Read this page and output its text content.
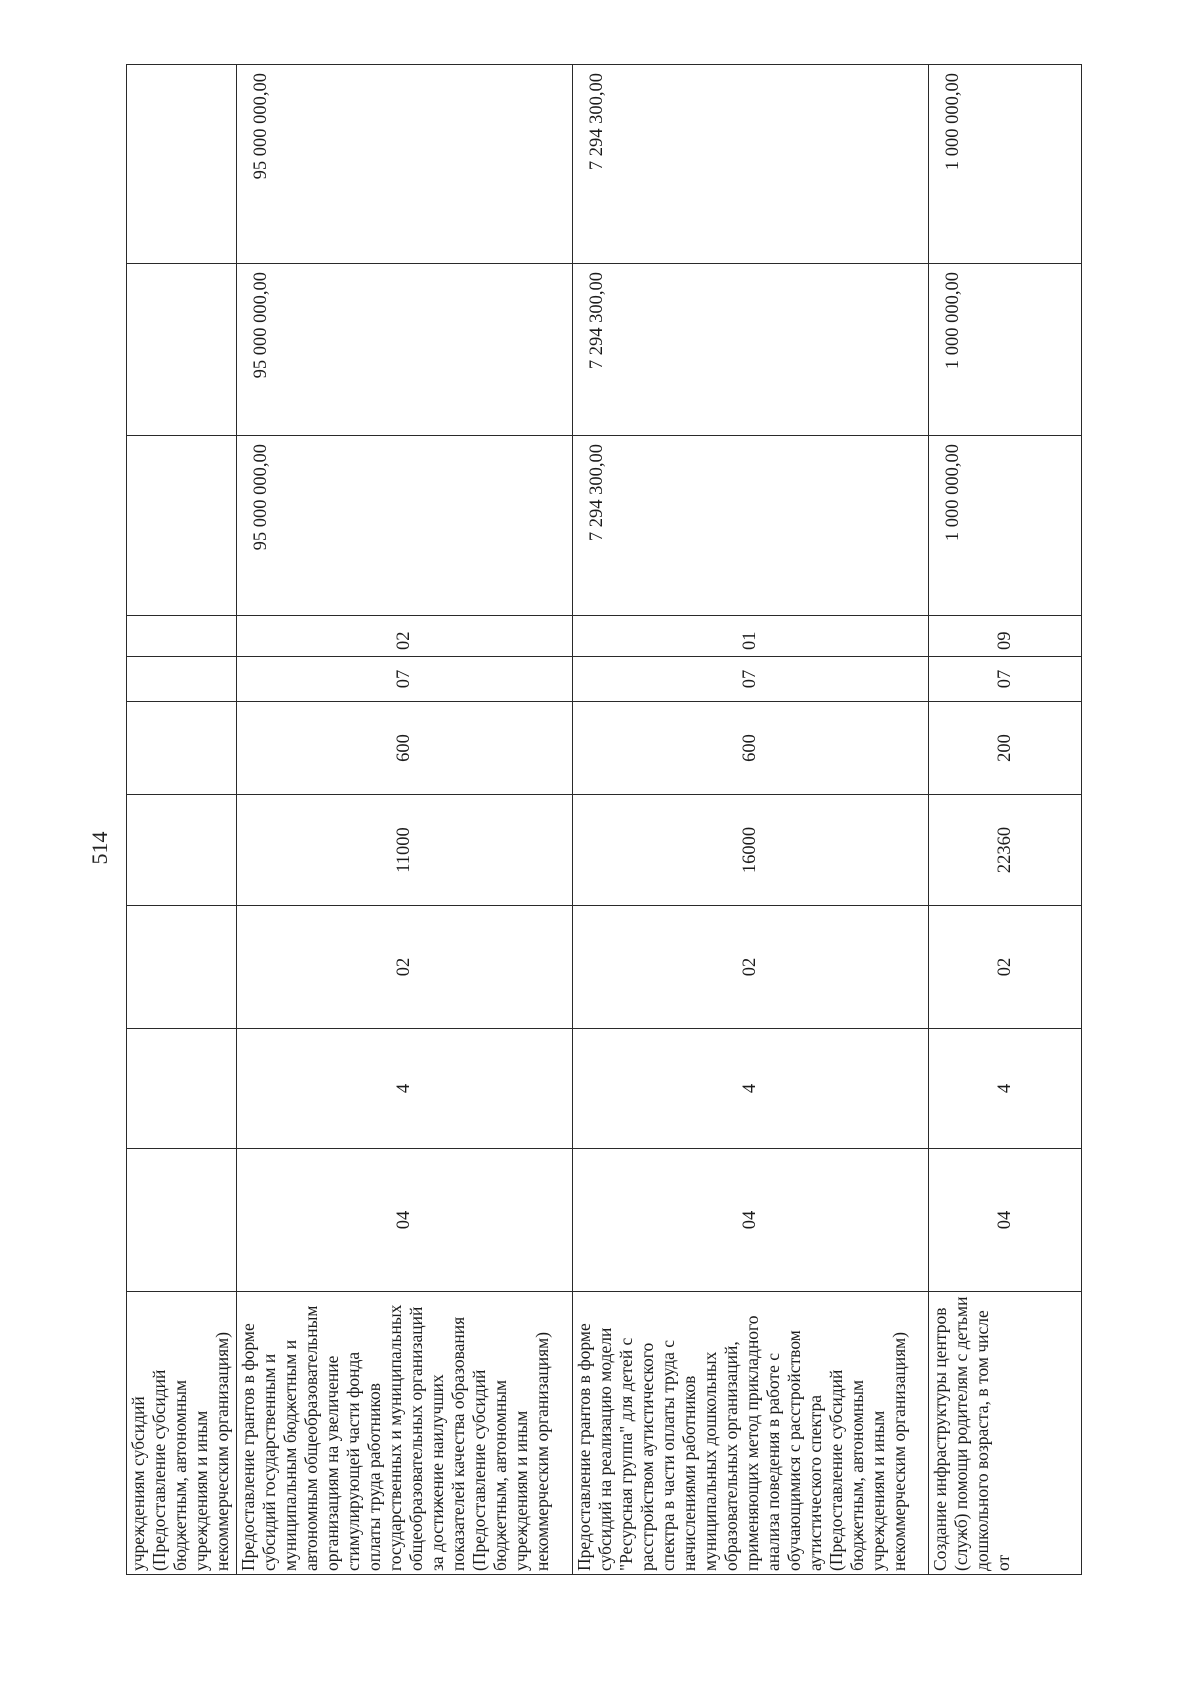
514
учреждениям субсидий (Предоставление субсидий бюджетным, автономным учреждениям и иным некоммерческим организациям)										
Предоставление грантов в форме субсидий государственным и муниципальным бюджетным и автономным общеобразовательным организациям на увеличение стимулирующей части фонда оплаты труда работников государственных и муниципальных общеобразовательных организаций за достижение наилучших показателей качества образования (Предоставление субсидий бюджетным, автономным учреждениям и иным некоммерческим организациям)	04	4	02	11000	600	07	02	95 000 000,00	95 000 000,00	95 000 000,00
Предоставление грантов в форме субсидий на реализацию модели "Ресурсная группа" для детей с расстройством аутистического спектра в части оплаты труда с начислениями работников муниципальных дошкольных образовательных организаций, применяющих метод прикладного анализа поведения в работе с обучающимися с расстройством аутистического спектра (Предоставление субсидий бюджетным, автономным учреждениям и иным некоммерческим организациям)	04	4	02	16000	600	07	01	7 294 300,00	7 294 300,00	7 294 300,00
Создание инфраструктуры центров (служб) помощи родителям с детьми дошкольного возраста, в том числе от	04	4	02	22360	200	07	09	1 000 000,00	1 000 000,00	1 000 000,00
